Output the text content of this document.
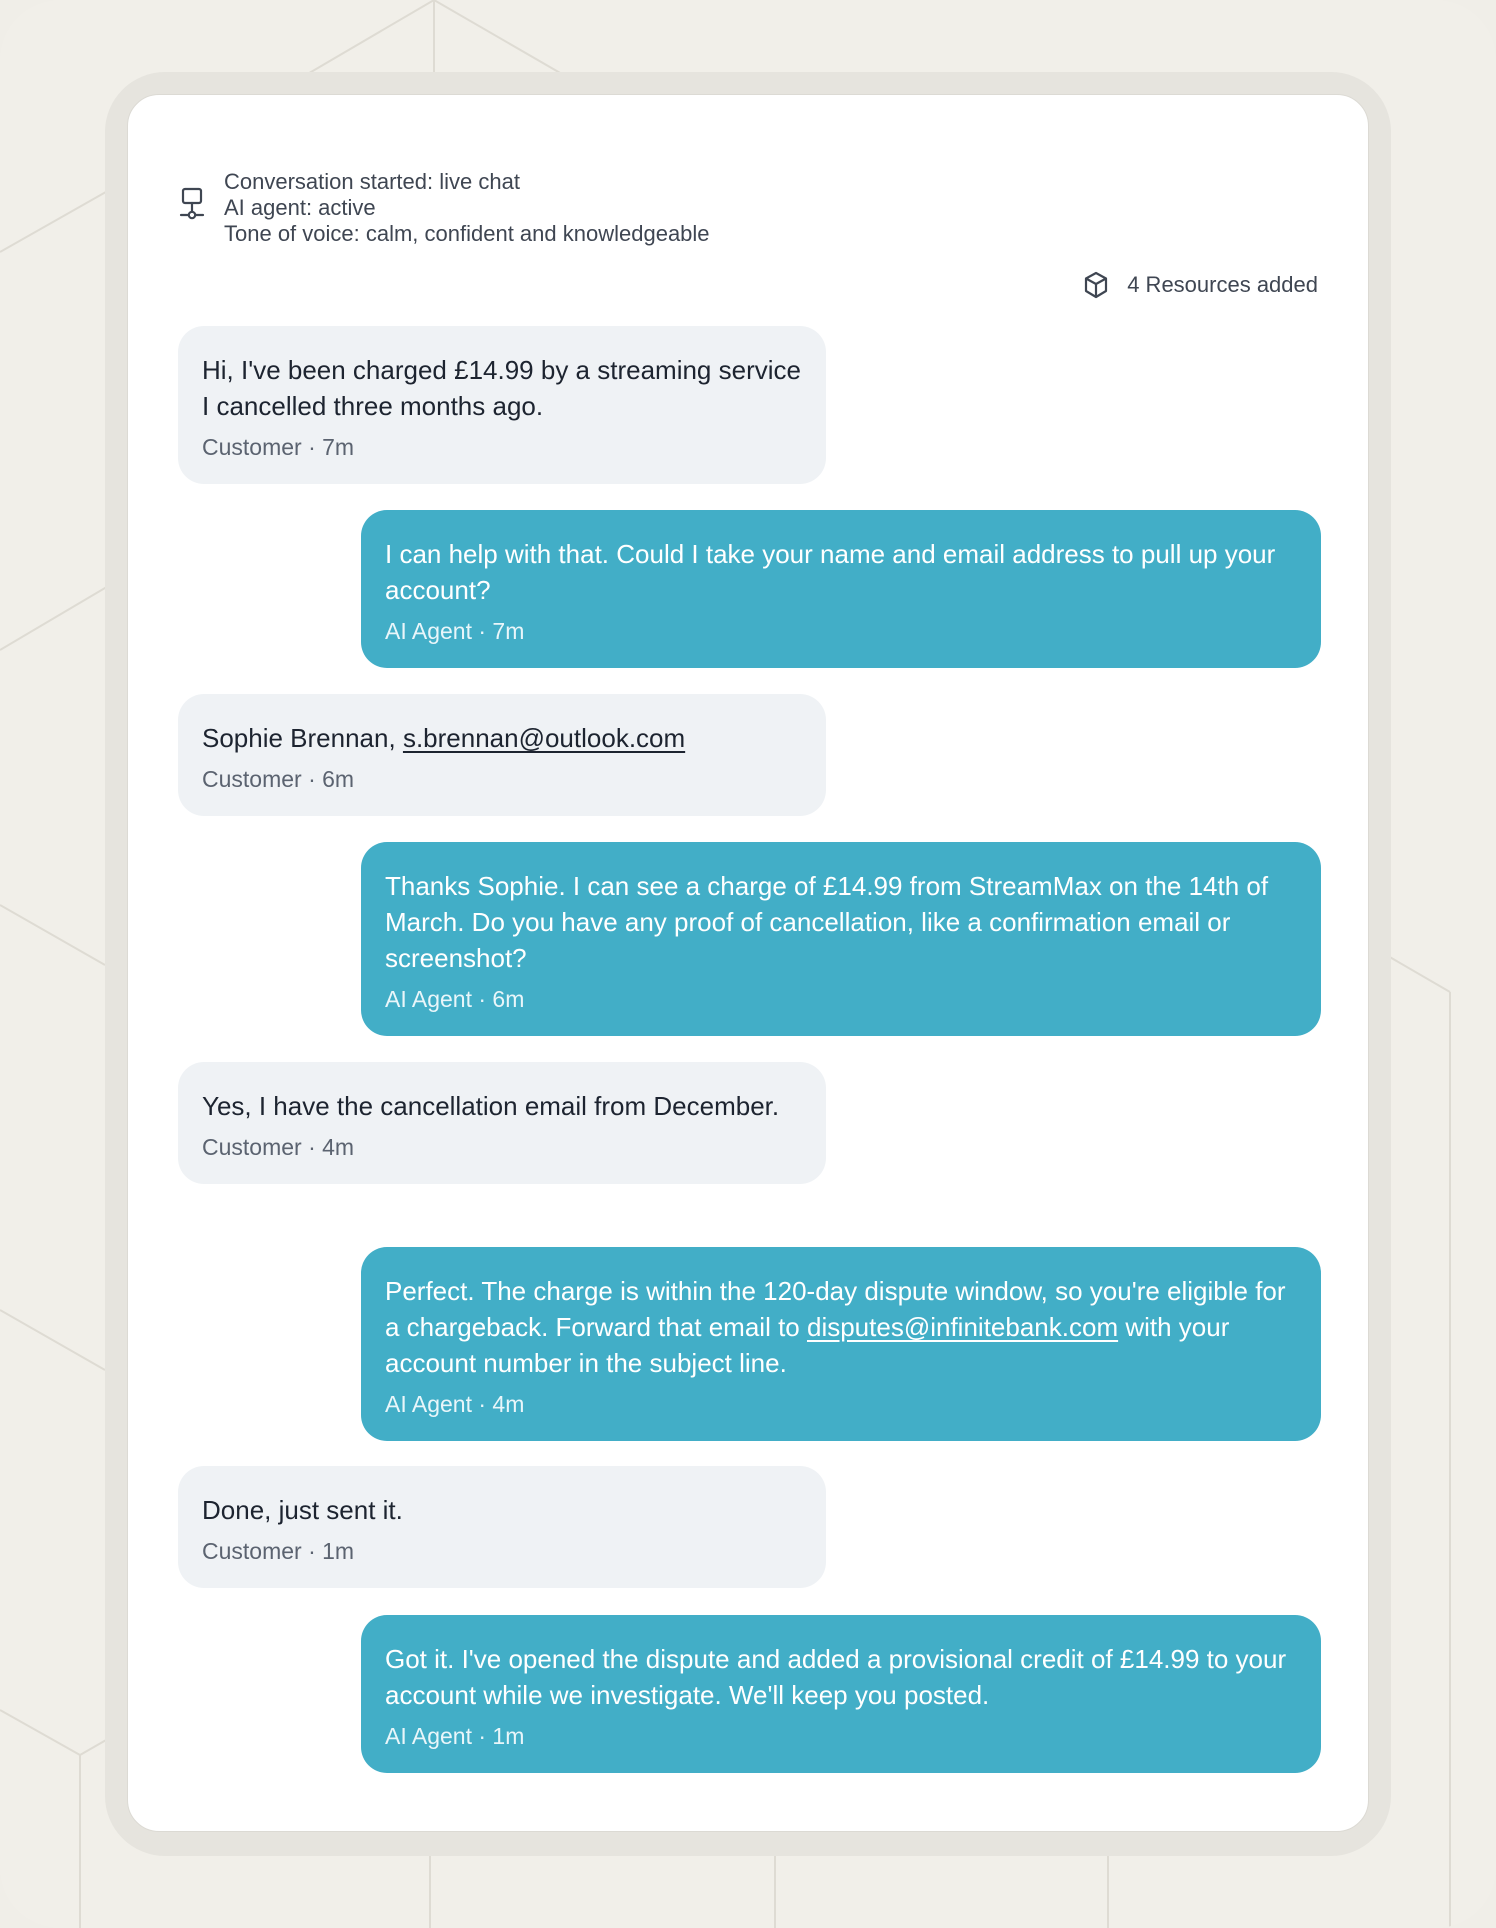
Conversation started: live chat
AI agent: active
Tone of voice: calm, confident and knowledgeable
4 Resources added
Hi, I've been charged £14.99 by a streaming service I cancelled three months ago.
Customer · 7m
I can help with that. Could I take your name and email address to pull up your account?
AI Agent · 7m
Sophie Brennan, s.brennan@outlook.com
Customer · 6m
Thanks Sophie. I can see a charge of £14.99 from StreamMax on the 14th of March. Do you have any proof of cancellation, like a confirmation email or screenshot?
AI Agent · 6m
Yes, I have the cancellation email from December.
Customer · 4m
Perfect. The charge is within the 120-day dispute window, so you're eligible for a chargeback. Forward that email to disputes@infinitebank.com with your account number in the subject line.
AI Agent · 4m
Done, just sent it.
Customer · 1m
Got it. I've opened the dispute and added a provisional credit of £14.99 to your account while we investigate. We'll keep you posted.
AI Agent · 1m
